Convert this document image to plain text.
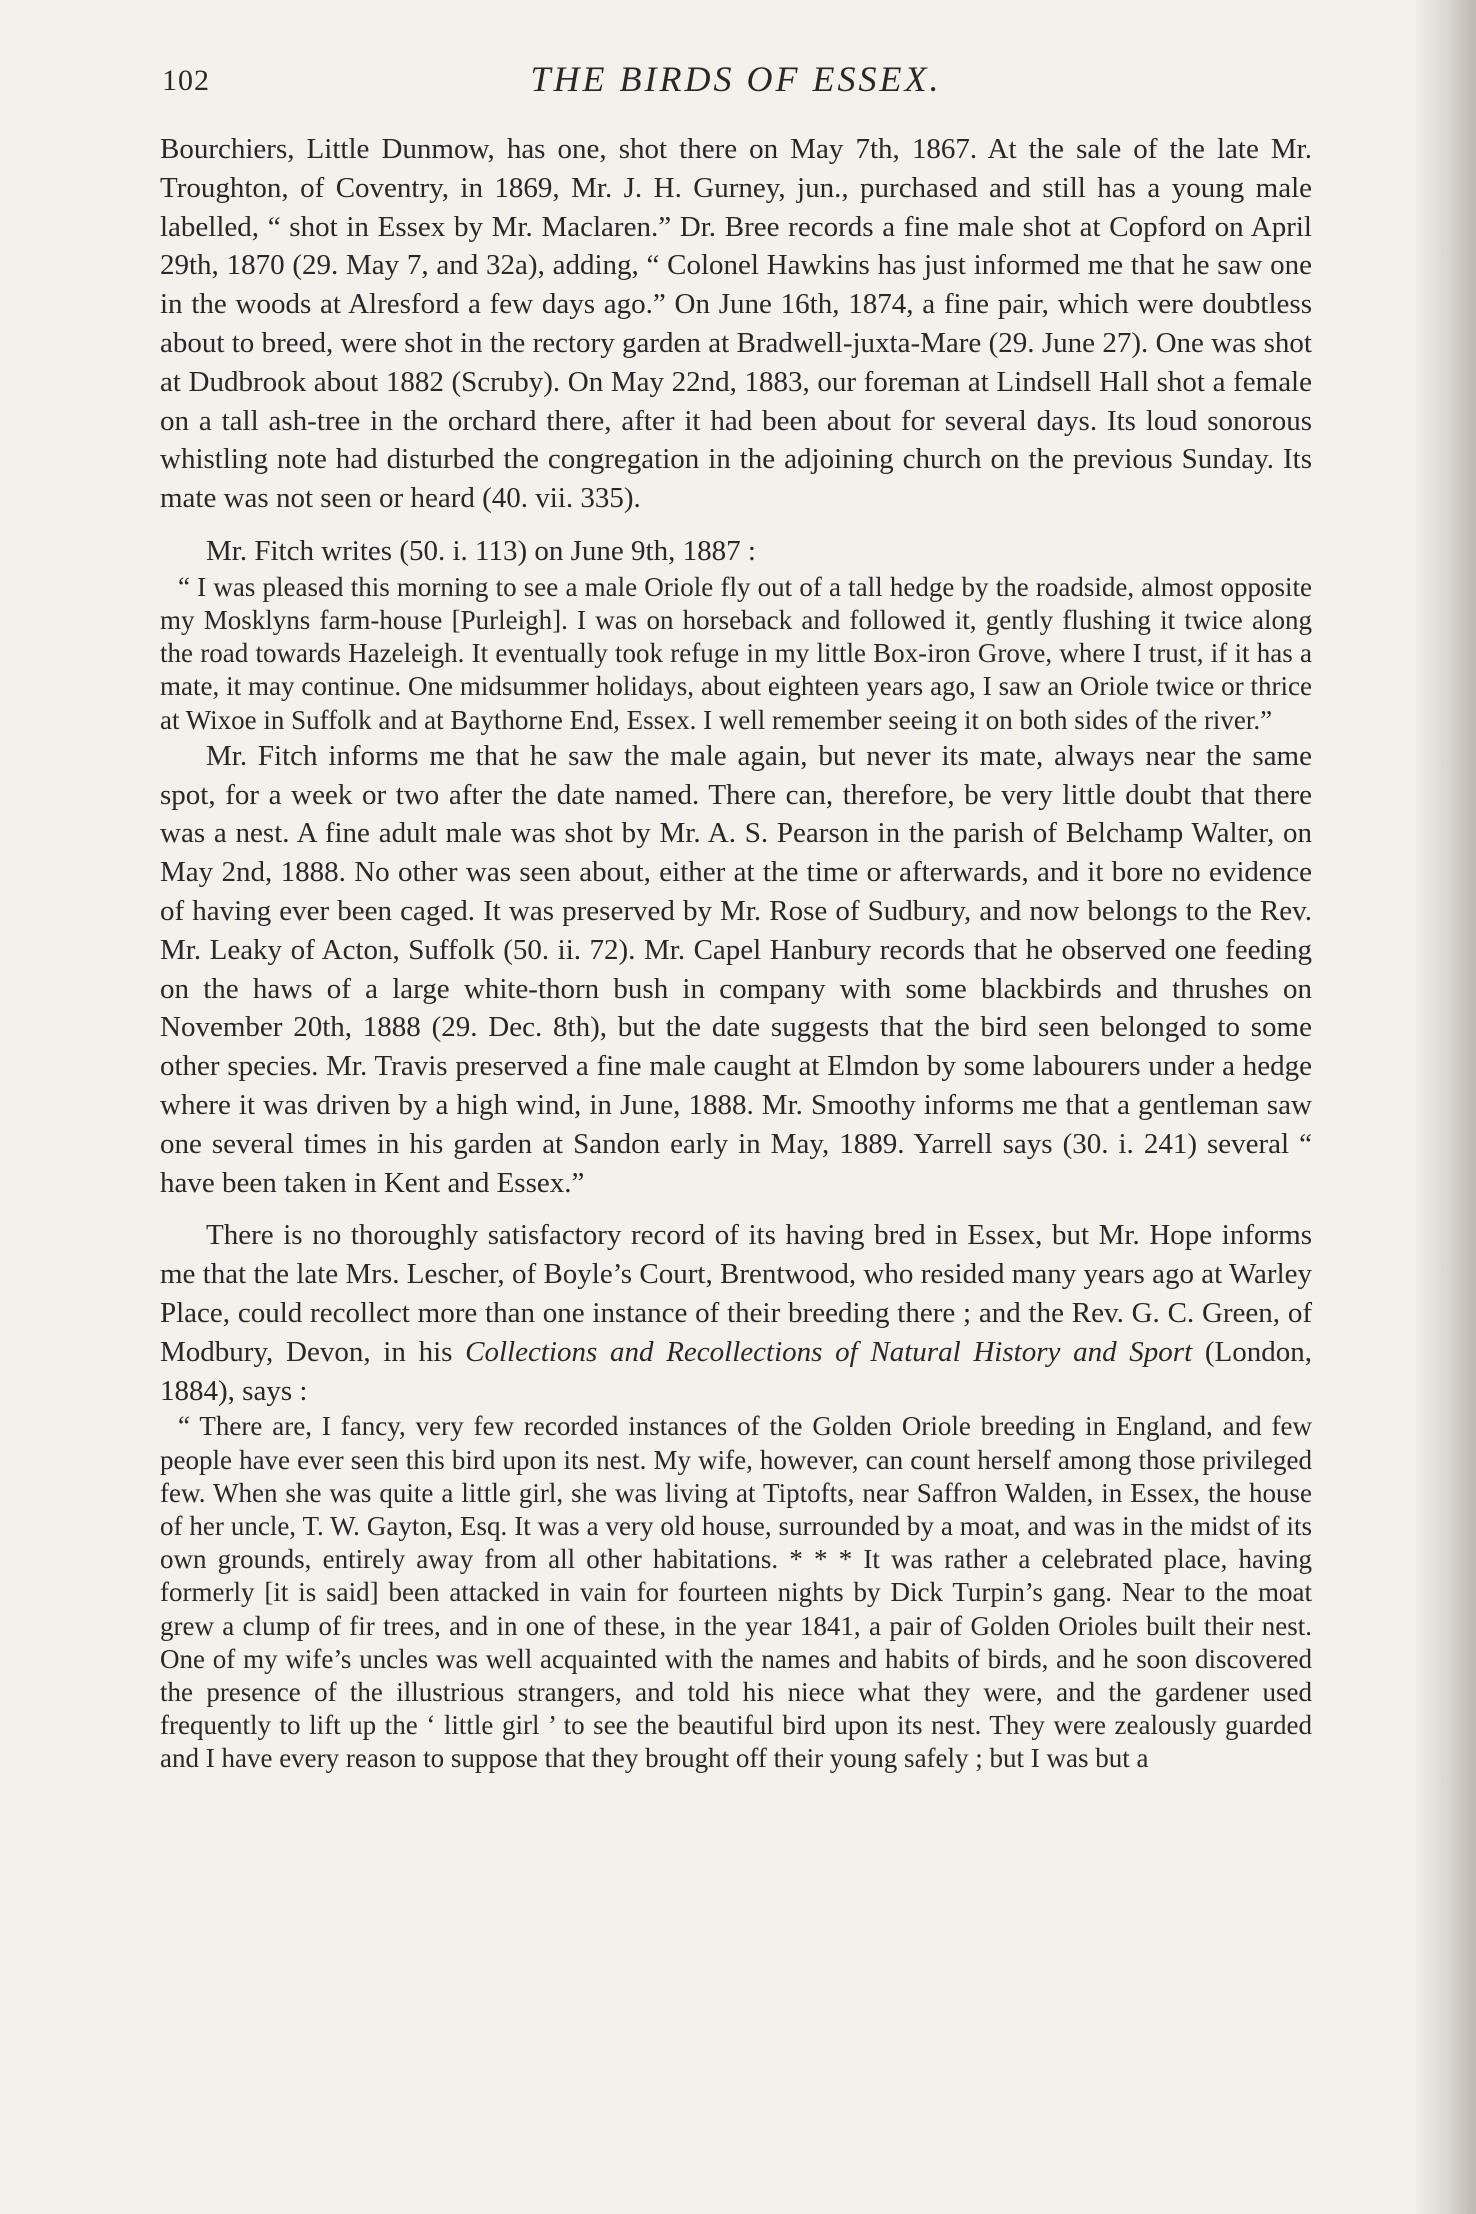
102	THE BIRDS OF ESSEX.

Bourchiers, Little Dunmow, has one, shot there on May 7th, 1867. At the sale of the late Mr. Troughton, of Coventry, in 1869, Mr. J. H. Gurney, jun., purchased and still has a young male labelled, “ shot in Essex by Mr. Maclaren.” Dr. Bree records a fine male shot at Copford on April 29th, 1870 (29. May 7, and 32a), adding, “ Colonel Hawkins has just informed me that he saw one in the woods at Alresford a few days ago.” On June 16th, 1874, a fine pair, which were doubtless about to breed, were shot in the rectory garden at Bradwell-juxta-Mare (29. June 27). One was shot at Dudbrook about 1882 (Scruby). On May 22nd, 1883, our foreman at Lindsell Hall shot a female on a tall ash-tree in the orchard there, after it had been about for several days. Its loud sonorous whistling note had disturbed the congregation in the adjoining church on the previous Sunday. Its mate was not seen or heard (40. vii. 335).

Mr. Fitch writes (50. i. 113) on June 9th, 1887 :

“ I was pleased this morning to see a male Oriole fly out of a tall hedge by the roadside, almost opposite my Mosklyns farm-house [Purleigh]. I was on horseback and followed it, gently flushing it twice along the road towards Hazeleigh. It eventually took refuge in my little Box-iron Grove, where I trust, if it has a mate, it may continue. One midsummer holidays, about eighteen years ago, I saw an Oriole twice or thrice at Wixoe in Suffolk and at Baythorne End, Essex. I well remember seeing it on both sides of the river.”

Mr. Fitch informs me that he saw the male again, but never its mate, always near the same spot, for a week or two after the date named. There can, therefore, be very little doubt that there was a nest. A fine adult male was shot by Mr. A. S. Pearson in the parish of Belchamp Walter, on May 2nd, 1888. No other was seen about, either at the time or afterwards, and it bore no evidence of having ever been caged. It was preserved by Mr. Rose of Sudbury, and now belongs to the Rev. Mr. Leaky of Acton, Suffolk (50. ii. 72). Mr. Capel Hanbury records that he observed one feeding on the haws of a large white-thorn bush in company with some blackbirds and thrushes on November 20th, 1888 (29. Dec. 8th), but the date suggests that the bird seen belonged to some other species. Mr. Travis preserved a fine male caught at Elmdon by some labourers under a hedge where it was driven by a high wind, in June, 1888. Mr. Smoothy informs me that a gentleman saw one several times in his garden at Sandon early in May, 1889. Yarrell says (30. i. 241) several “ have been taken in Kent and Essex.”

There is no thoroughly satisfactory record of its having bred in Essex, but Mr. Hope informs me that the late Mrs. Lescher, of Boyle’s Court, Brentwood, who resided many years ago at Warley Place, could recollect more than one instance of their breeding there ; and the Rev. G. C. Green, of Modbury, Devon, in his Collections and Recollections of Natural History and Sport (London, 1884), says :

“ There are, I fancy, very few recorded instances of the Golden Oriole breeding in England, and few people have ever seen this bird upon its nest. My wife, however, can count herself among those privileged few. When she was quite a little girl, she was living at Tiptofts, near Saffron Walden, in Essex, the house of her uncle, T. W. Gayton, Esq. It was a very old house, surrounded by a moat, and was in the midst of its own grounds, entirely away from all other habitations. * * * It was rather a celebrated place, having formerly [it is said] been attacked in vain for fourteen nights by Dick Turpin’s gang. Near to the moat grew a clump of fir trees, and in one of these, in the year 1841, a pair of Golden Orioles built their nest. One of my wife’s uncles was well acquainted with the names and habits of birds, and he soon discovered the presence of the illustrious strangers, and told his niece what they were, and the gardener used frequently to lift up the ‘ little girl ’ to see the beautiful bird upon its nest. They were zealously guarded and I have every reason to suppose that they brought off their young safely ; but I was but a
